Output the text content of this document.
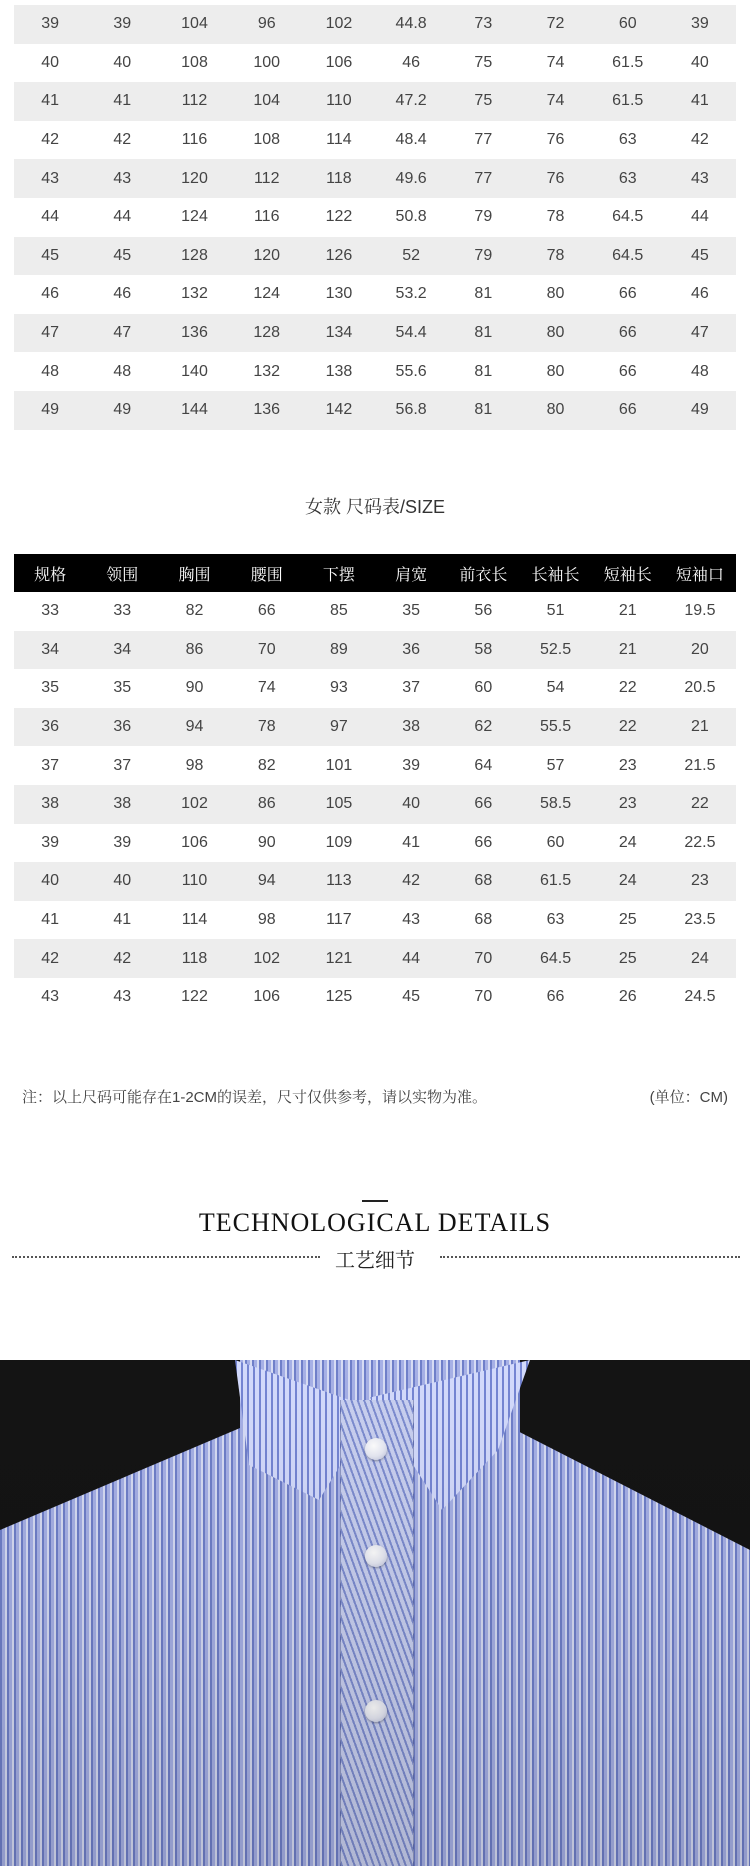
39	39	104	96	102	44.8	73	72	60	39
40	40	108	100	106	46	75	74	61.5	40
41	41	112	104	110	47.2	75	74	61.5	41
42	42	116	108	114	48.4	77	76	63	42
43	43	120	112	118	49.6	77	76	63	43
44	44	124	116	122	50.8	79	78	64.5	44
45	45	128	120	126	52	79	78	64.5	45
46	46	132	124	130	53.2	81	80	66	46
47	47	136	128	134	54.4	81	80	66	47
48	48	140	132	138	55.6	81	80	66	48
49	49	144	136	142	56.8	81	80	66	49
女款 尺码表/SIZE
规格	领围	胸围	腰围	下摆	肩宽	前衣长	长袖长	短袖长	短袖口
33	33	82	66	85	35	56	51	21	19.5
34	34	86	70	89	36	58	52.5	21	20
35	35	90	74	93	37	60	54	22	20.5
36	36	94	78	97	38	62	55.5	22	21
37	37	98	82	101	39	64	57	23	21.5
38	38	102	86	105	40	66	58.5	23	22
39	39	106	90	109	41	66	60	24	22.5
40	40	110	94	113	42	68	61.5	24	23
41	41	114	98	117	43	68	63	25	23.5
42	42	118	102	121	44	70	64.5	25	24
43	43	122	106	125	45	70	66	26	24.5
注：以上尺码可能存在1-2CM的误差，尺寸仅供参考，请以实物为准。	(单位：CM)
TECHNOLOGICAL DETAILS
工艺细节
